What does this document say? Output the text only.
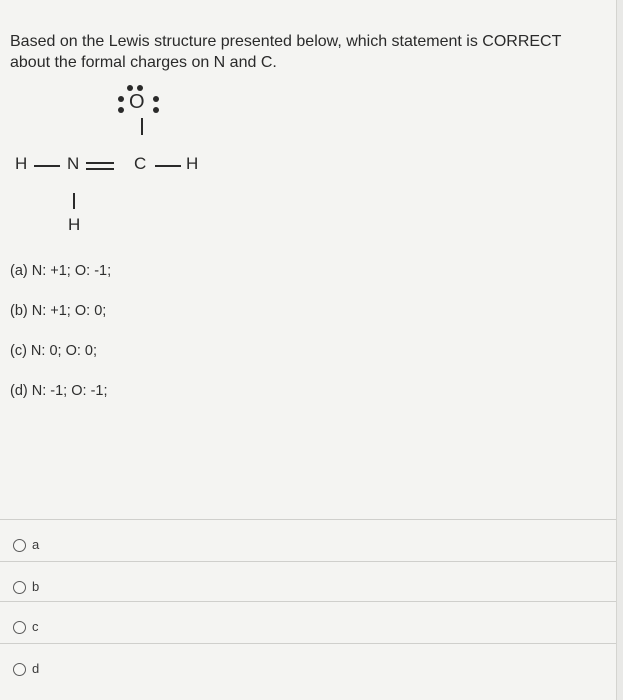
Based on the Lewis structure presented below, which statement is CORRECT
about the formal charges on N and C.
O
H N	C H
H
(a) N: +1; O: -1;
(b) N: +1; O: 0;
(c) N: 0; O: 0;
(d) N: -1; O: -1;
a
b
c
d
